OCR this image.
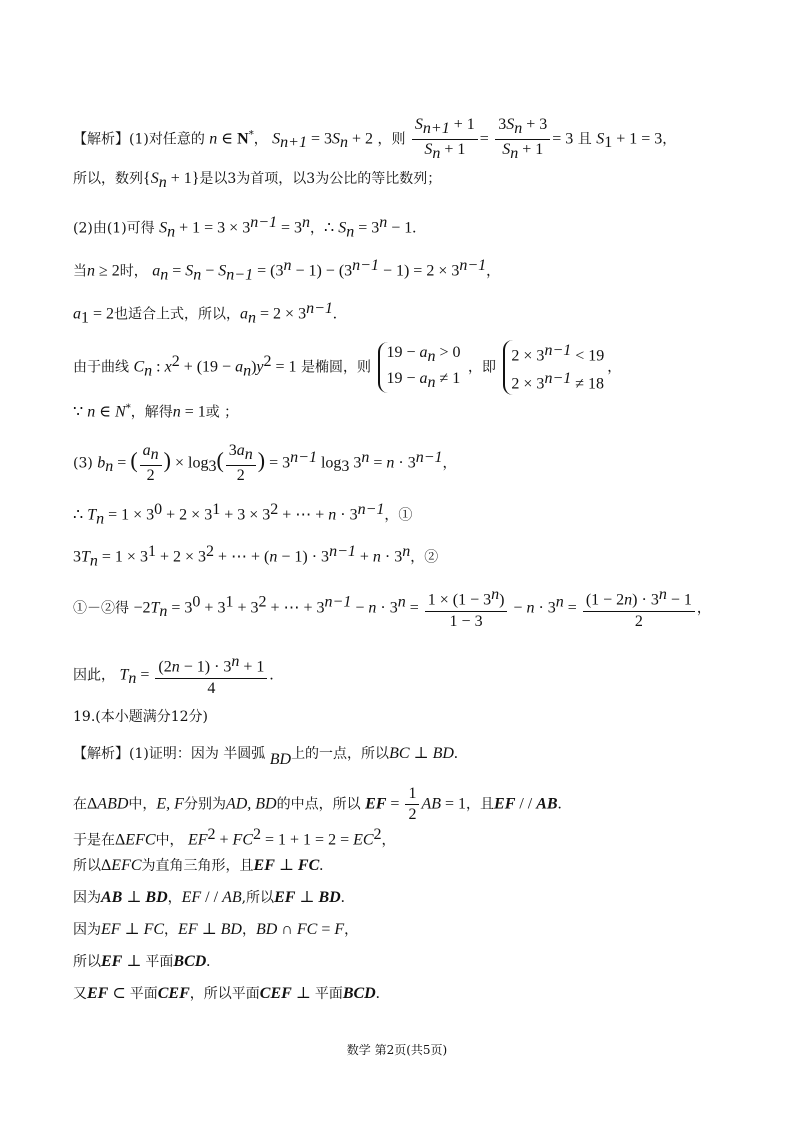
【解析】(1)对任意的 n ∈ N*， $S_{n+1} = 3S_n + 2$ ，则 $\frac{S_{n+1} + 1}{S_n + 1} = \frac{3S_n + 3}{S_n + 1} = 3$ 且 $S_1 + 1 = 3$，
所以，数列$\{S_n + 1\}$是以3为首项，以3为公比的等比数列；
(2)由(1)可得 $S_n + 1 = 3 \times 3^{n-1} = 3^n$，∴ $S_n = 3^n - 1$.
当n ≥ 2时， $a_n = S_n - S_{n-1} = (3^n - 1) - (3^{n-1} - 1) = 2 \times 3^{n-1}$，
$a_1 = 2$也适合上式，所以，$a_n = 2 \times 3^{n-1}$.
由于曲线 $C_n$ : $x^2 + (19 - a_n)y^2 = 1$ 是椭圆，则 $19 - a_n > 0$
$19 - a_n \ne 1$ ，即 $2 \times 3^{n-1} < 19$
$2 \times 3^{n-1} \ne 18$，
∵ n ∈ N*，解得n = 1或 ；
(3) $b_n$ = ( $\frac{a_n}{2}$ ) × $\log_3( \frac{3a_n}{2}$ ) = $3^{n-1}$ $\log_3 3^n = n \cdot 3^{n-1}$，
∴ $T_n = 1 \times 3^0 + 2 \times 3^1 + 3 \times 3^2$ + ⋯ + $n \cdot 3^{n-1}$，①
$3T_n = 1 \times 3^1 + 2 \times 3^2$ + ⋯ + $(n - 1) \cdot 3^{n-1} + n \cdot 3^n$，②
①－②得 $-2T_n = 3^0 + 3^1 + 3^2$ + ⋯ + $3^{n-1} - n \cdot 3^n = \frac{1 \times (1 - 3^n)}{1 - 3} - n \cdot 3^n = \frac{(1 - 2n) \cdot 3^n - 1}{2}$ ，
因此， $T_n = \frac{(2n - 1) \cdot 3^n + 1}{4}$ .
19.(本小题满分12分)
【解析】(1)证明：因为 半圆弧 BD上的一点，所以BC ⊥ BD.
在ΔABD中，E, F分别为AD, BD的中点，所以 EF = $\frac{1}{2}$ AB = 1，且EF / / AB.
于是在ΔEFC中， $EF^2 + FC^2 = 1 + 1 = 2 = EC^2$，
所以ΔEFC为直角三角形，且EF ⊥ FC.
因为AB ⊥ BD，EF / / AB,所以EF ⊥ BD.
因为EF ⊥ FC，EF ⊥ BD，BD ∩ FC = F，
所以EF ⊥ 平面BCD.
又EF ⊂ 平面CEF，所以平面CEF ⊥ 平面BCD.
数学 第2页(共5页)
